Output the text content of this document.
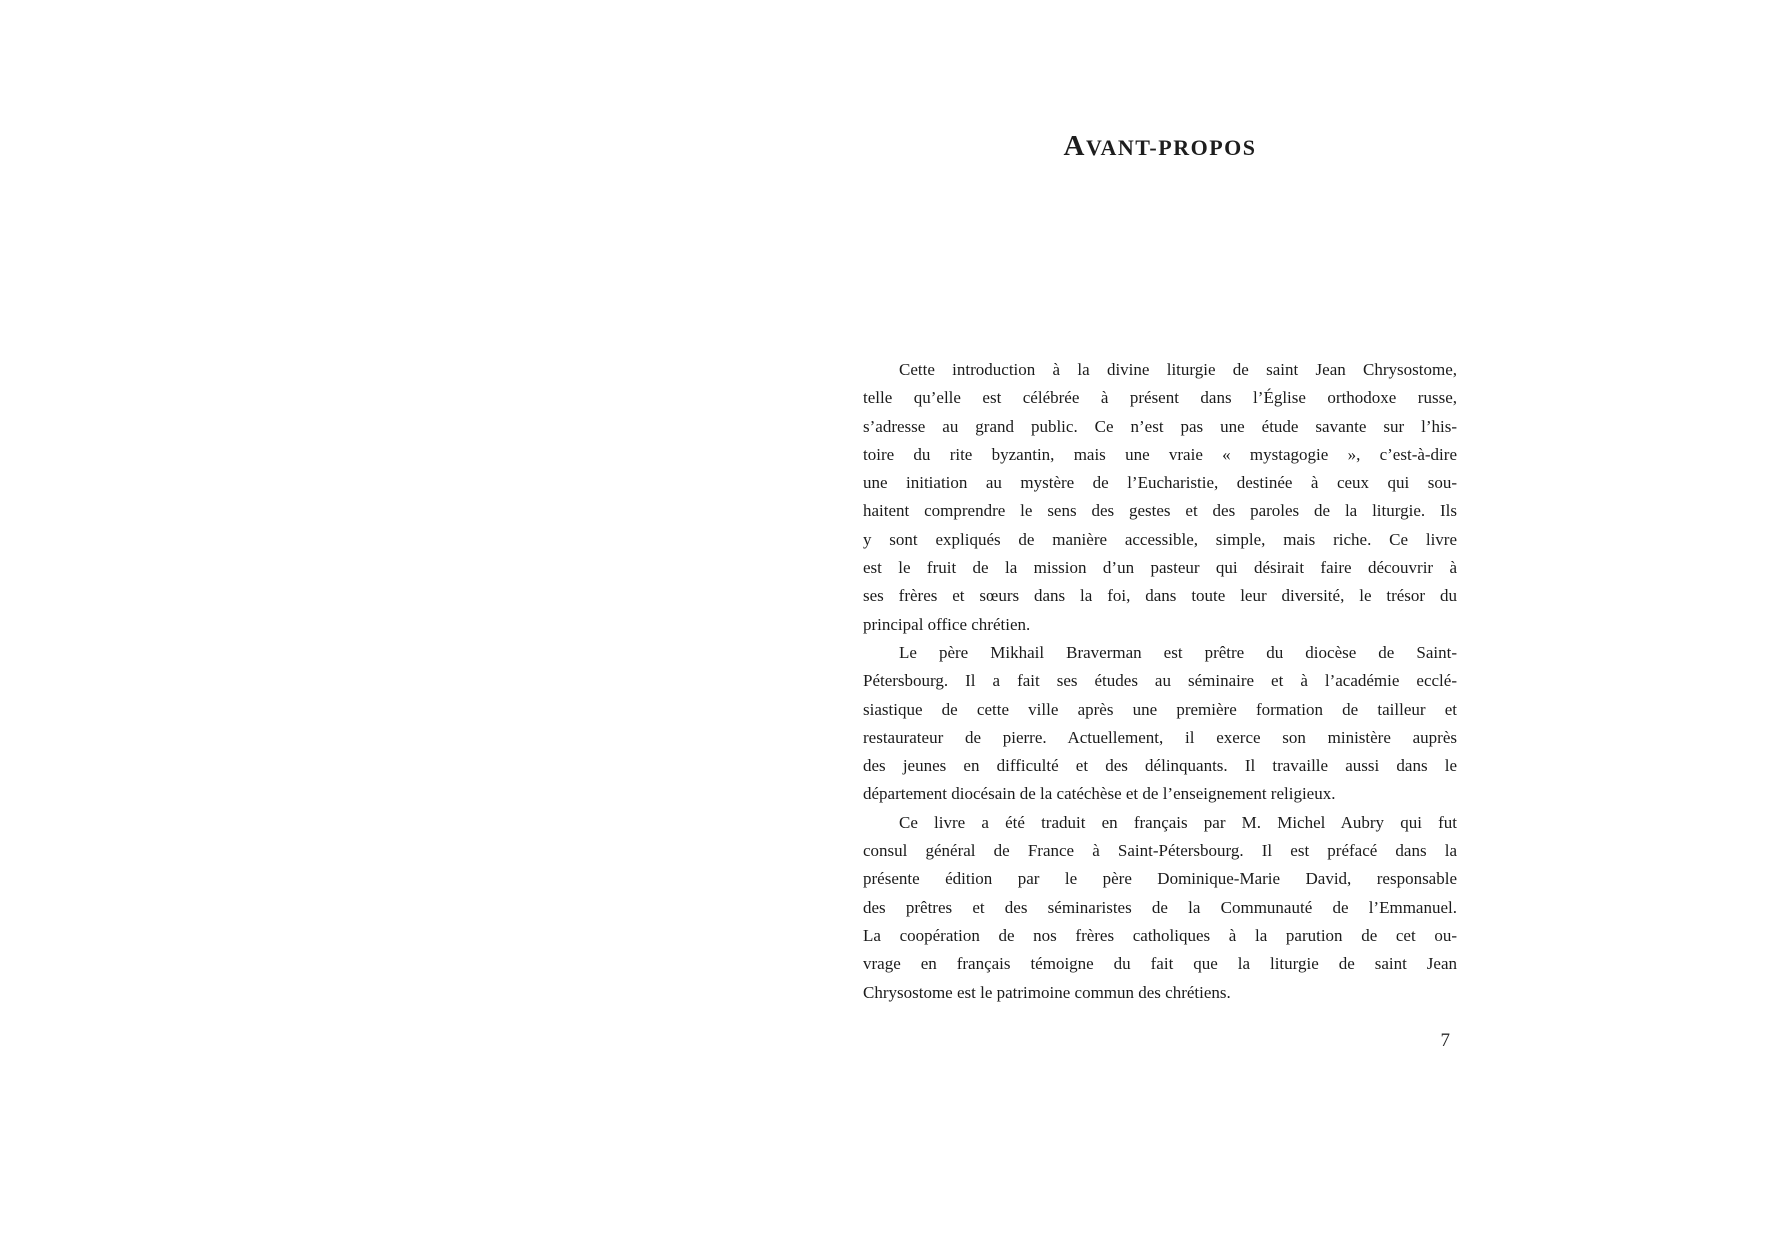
AVANT-PROPOS
Cette introduction à la divine liturgie de saint Jean Chrysostome,
telle qu’elle est célébrée à présent dans l’Église orthodoxe russe,
s’adresse au grand public. Ce n’est pas une étude savante sur l’his-
toire du rite byzantin, mais une vraie « mystagogie », c’est-à-dire
une initiation au mystère de l’Eucharistie, destinée à ceux qui sou-
haitent comprendre le sens des gestes et des paroles de la liturgie. Ils
y sont expliqués de manière accessible, simple, mais riche. Ce livre
est le fruit de la mission d’un pasteur qui désirait faire découvrir à
ses frères et sœurs dans la foi, dans toute leur diversité, le trésor du
principal office chrétien.
Le père Mikhail Braverman est prêtre du diocèse de Saint-
Pétersbourg. Il a fait ses études au séminaire et à l’académie ecclé-
siastique de cette ville après une première formation de tailleur et
restaurateur de pierre. Actuellement, il exerce son ministère auprès
des jeunes en difficulté et des délinquants. Il travaille aussi dans le
département diocésain de la catéchèse et de l’enseignement religieux.
Ce livre a été traduit en français par M. Michel Aubry qui fut
consul général de France à Saint-Pétersbourg. Il est préfacé dans la
présente édition par le père Dominique-Marie David, responsable
des prêtres et des séminaristes de la Communauté de l’Emmanuel.
La coopération de nos frères catholiques à la parution de cet ou-
vrage en français témoigne du fait que la liturgie de saint Jean
Chrysostome est le patrimoine commun des chrétiens.
7
